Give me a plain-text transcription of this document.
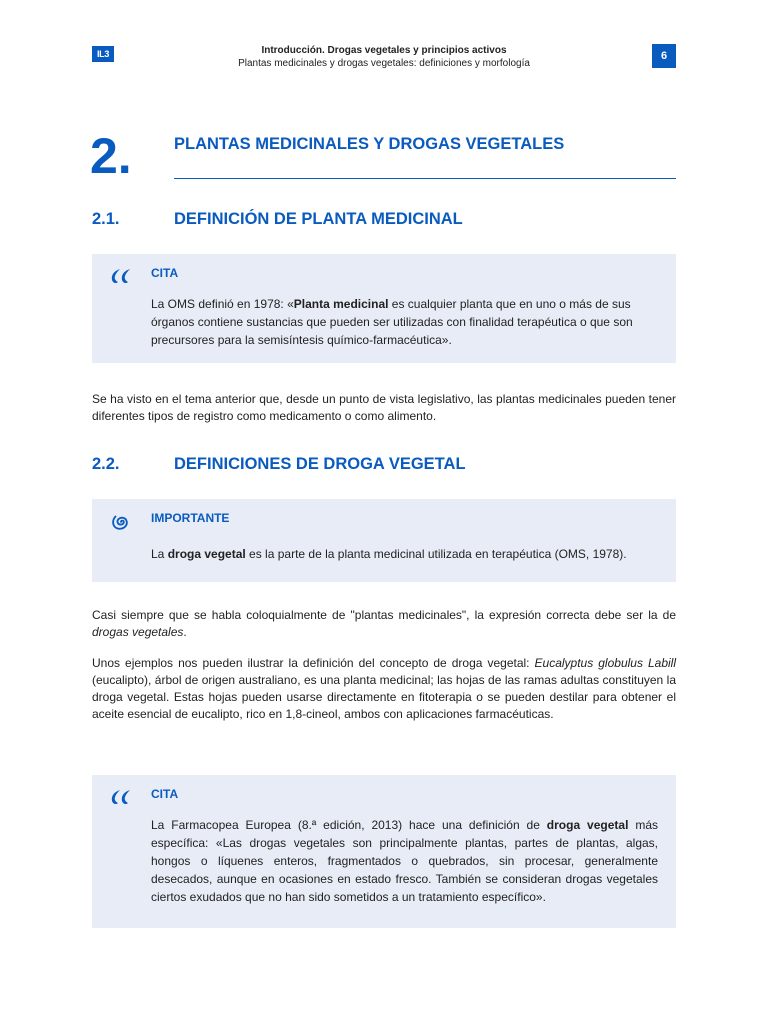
IL3	Introducción. Drogas vegetales y principios activos
Plantas medicinales y drogas vegetales: definiciones y morfología
6
2.	PLANTAS MEDICINALES Y DROGAS VEGETALES
2.1.	DEFINICIÓN DE PLANTA MEDICINAL
CITA
La OMS definió en 1978: «Planta medicinal es cualquier planta que en uno o más de sus órganos contiene sustancias que pueden ser utilizadas con finalidad terapéutica o que son precursores para la semisíntesis químico-farmacéutica».
Se ha visto en el tema anterior que, desde un punto de vista legislativo, las plantas medicinales pueden tener diferentes tipos de registro como medicamento o como alimento.
2.2.	DEFINICIONES DE DROGA VEGETAL
IMPORTANTE
La droga vegetal es la parte de la planta medicinal utilizada en terapéutica (OMS, 1978).
Casi siempre que se habla coloquialmente de "plantas medicinales", la expresión correcta debe ser la de drogas vegetales.
Unos ejemplos nos pueden ilustrar la definición del concepto de droga vegetal: Eucalyptus globulus Labill (eucalipto), árbol de origen australiano, es una planta medicinal; las hojas de las ramas adultas constituyen la droga vegetal. Estas hojas pueden usarse directamente en fitoterapia o se pueden destilar para obtener el aceite esencial de eucalipto, rico en 1,8-cineol, ambos con aplicaciones farmacéuticas.
CITA
La Farmacopea Europea (8.ª edición, 2013) hace una definición de droga vegetal más específica: «Las drogas vegetales son principalmente plantas, partes de plantas, algas, hongos o líquenes enteros, fragmentados o quebrados, sin procesar, generalmente desecados, aunque en ocasiones en estado fresco. También se consideran drogas vegetales ciertos exudados que no han sido sometidos a un tratamiento específico».
